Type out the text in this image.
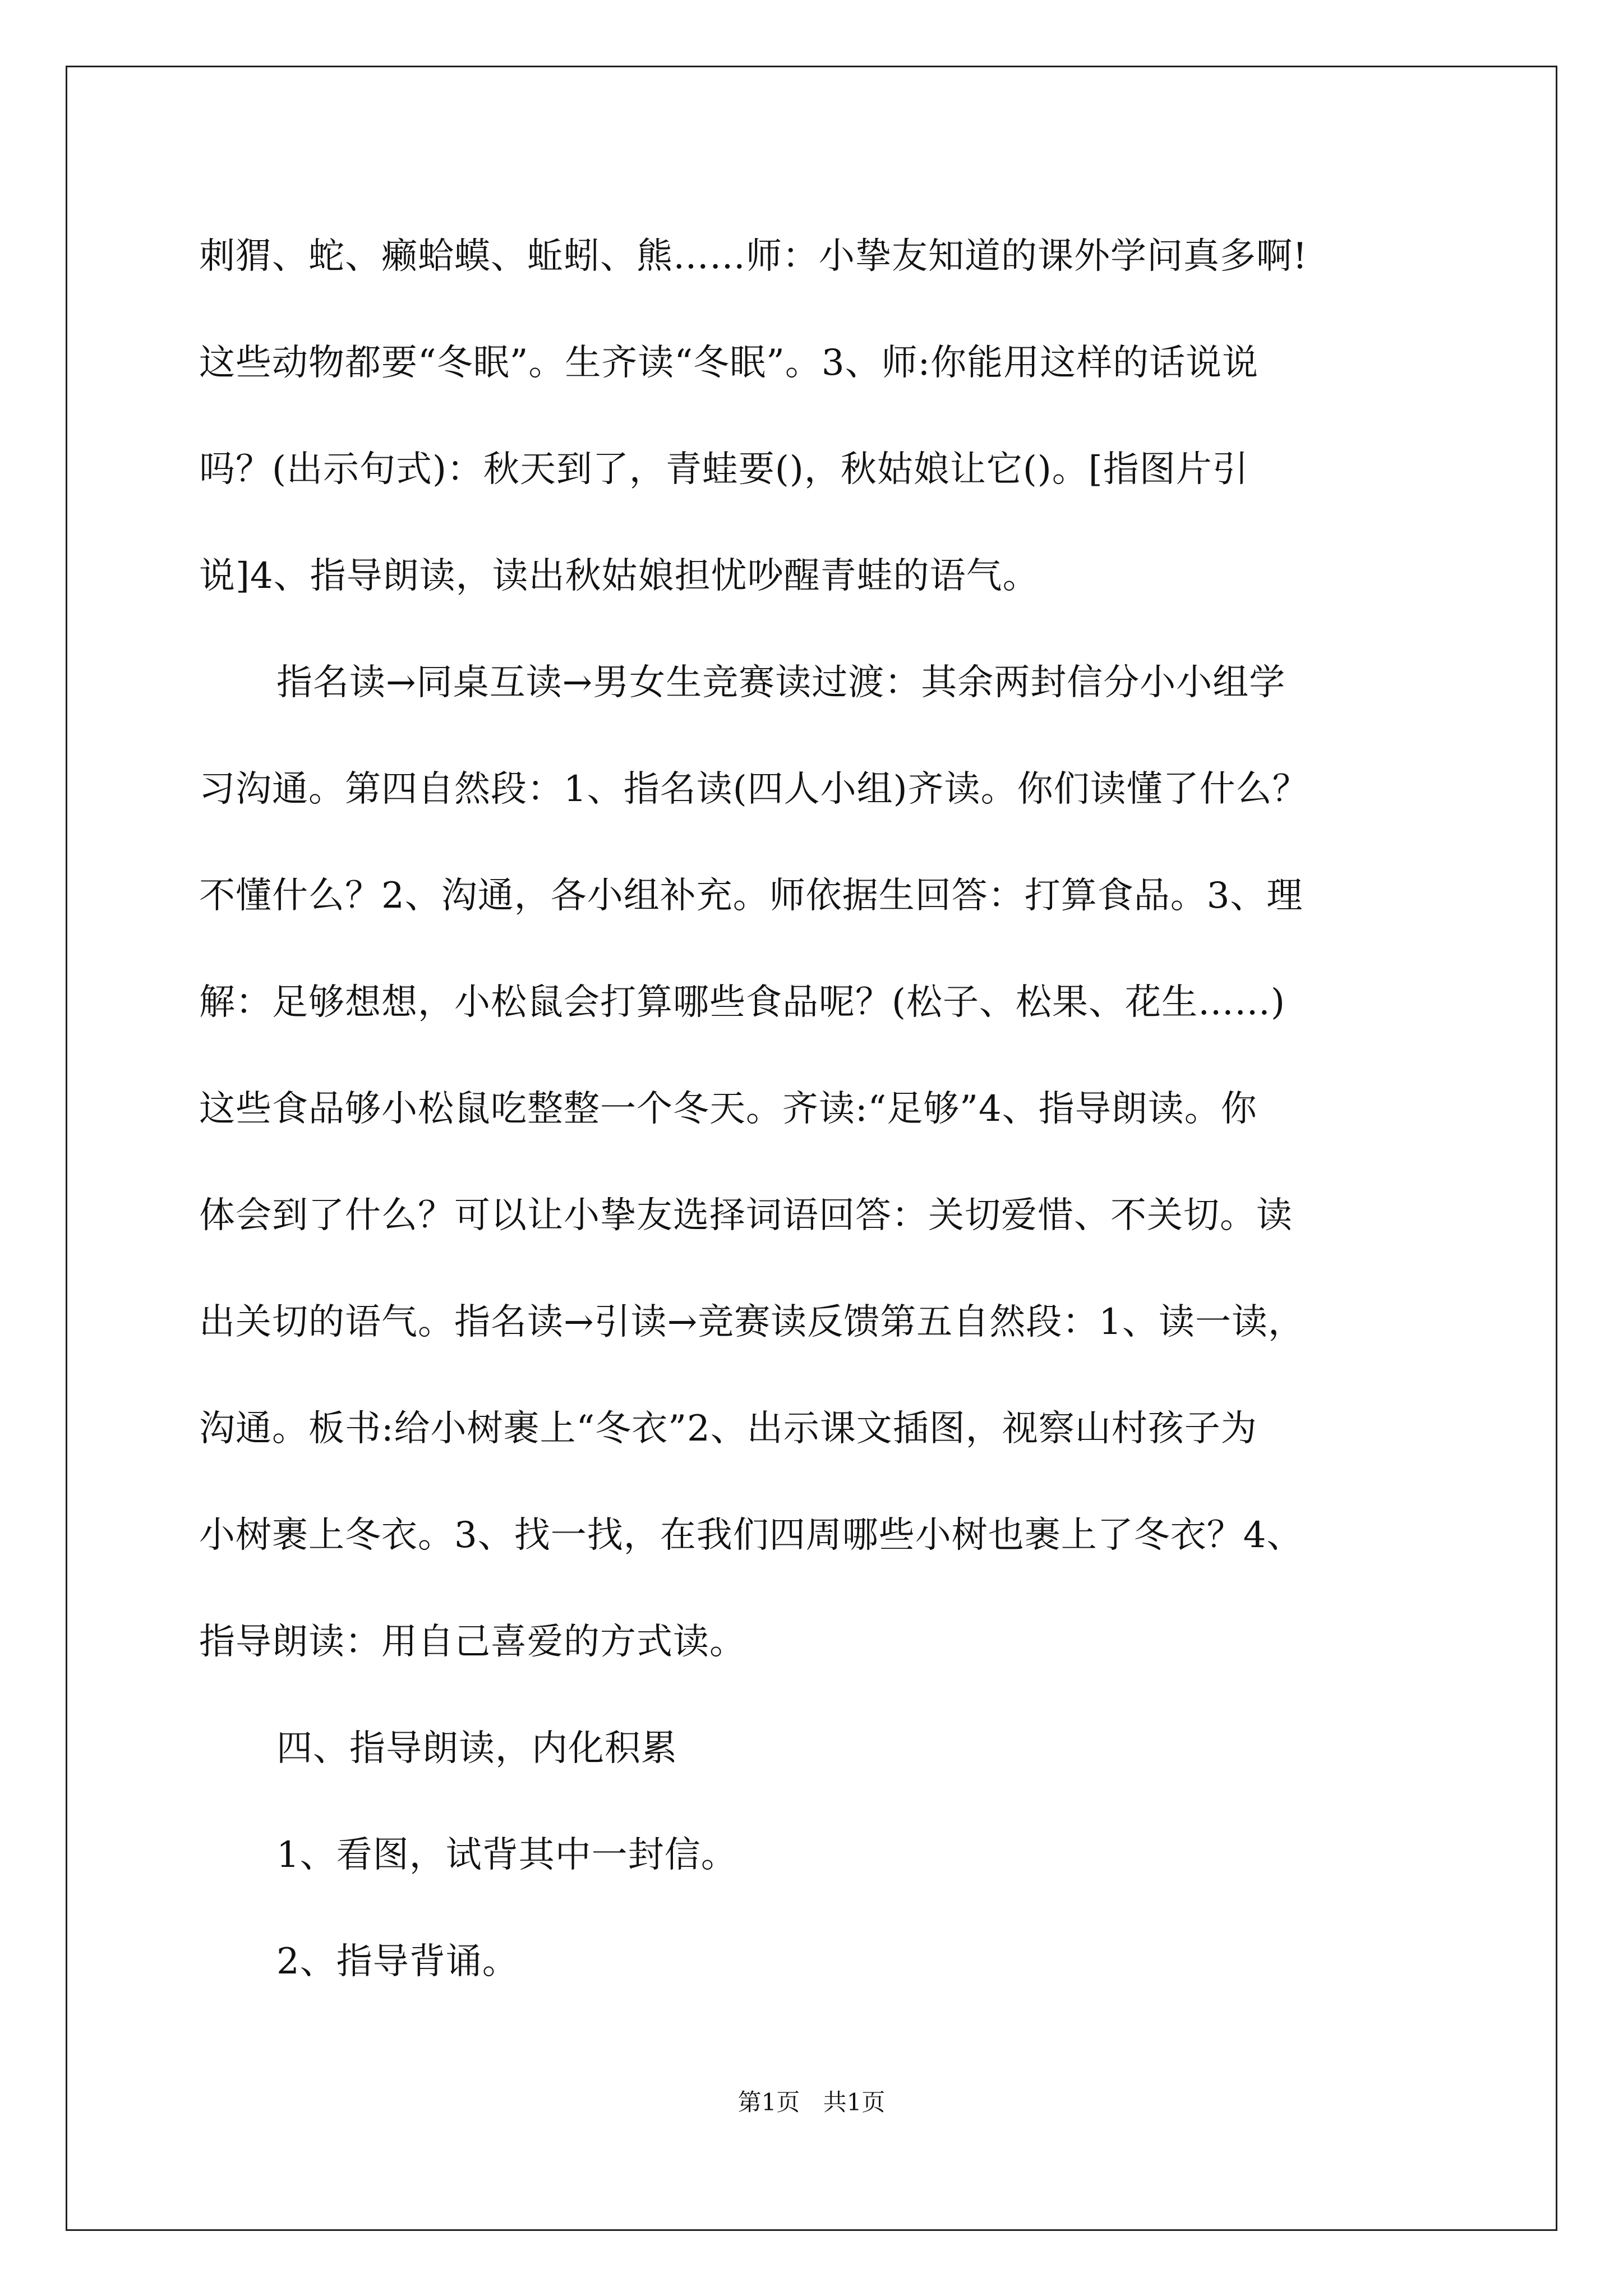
刺猬、蛇、癞蛤蟆、蚯蚓、熊……师：小挚友知道的课外学问真多啊!

这些动物都要“冬眠”。生齐读“冬眠”。3、师:你能用这样的话说说

吗？(出示句式)：秋天到了，青蛙要()，秋姑娘让它()。[指图片引

说]4、指导朗读，读出秋姑娘担忧吵醒青蛙的语气。

指名读→同桌互读→男女生竞赛读过渡：其余两封信分小小组学

习沟通。第四自然段：1、指名读(四人小组)齐读。你们读懂了什么？

不懂什么？2、沟通，各小组补充。师依据生回答：打算食品。3、理

解：足够想想，小松鼠会打算哪些食品呢？(松子、松果、花生……)

这些食品够小松鼠吃整整一个冬天。齐读:“足够”4、指导朗读。你

体会到了什么？可以让小挚友选择词语回答：关切爱惜、不关切。读

出关切的语气。指名读→引读→竞赛读反馈第五自然段：1、读一读，

沟通。板书:给小树裹上“冬衣”2、出示课文插图，视察山村孩子为

小树裹上冬衣。3、找一找，在我们四周哪些小树也裹上了冬衣？4、

指导朗读：用自己喜爱的方式读。

四、指导朗读，内化积累

1、看图，试背其中一封信。

2、指导背诵。

第1页 共1页
